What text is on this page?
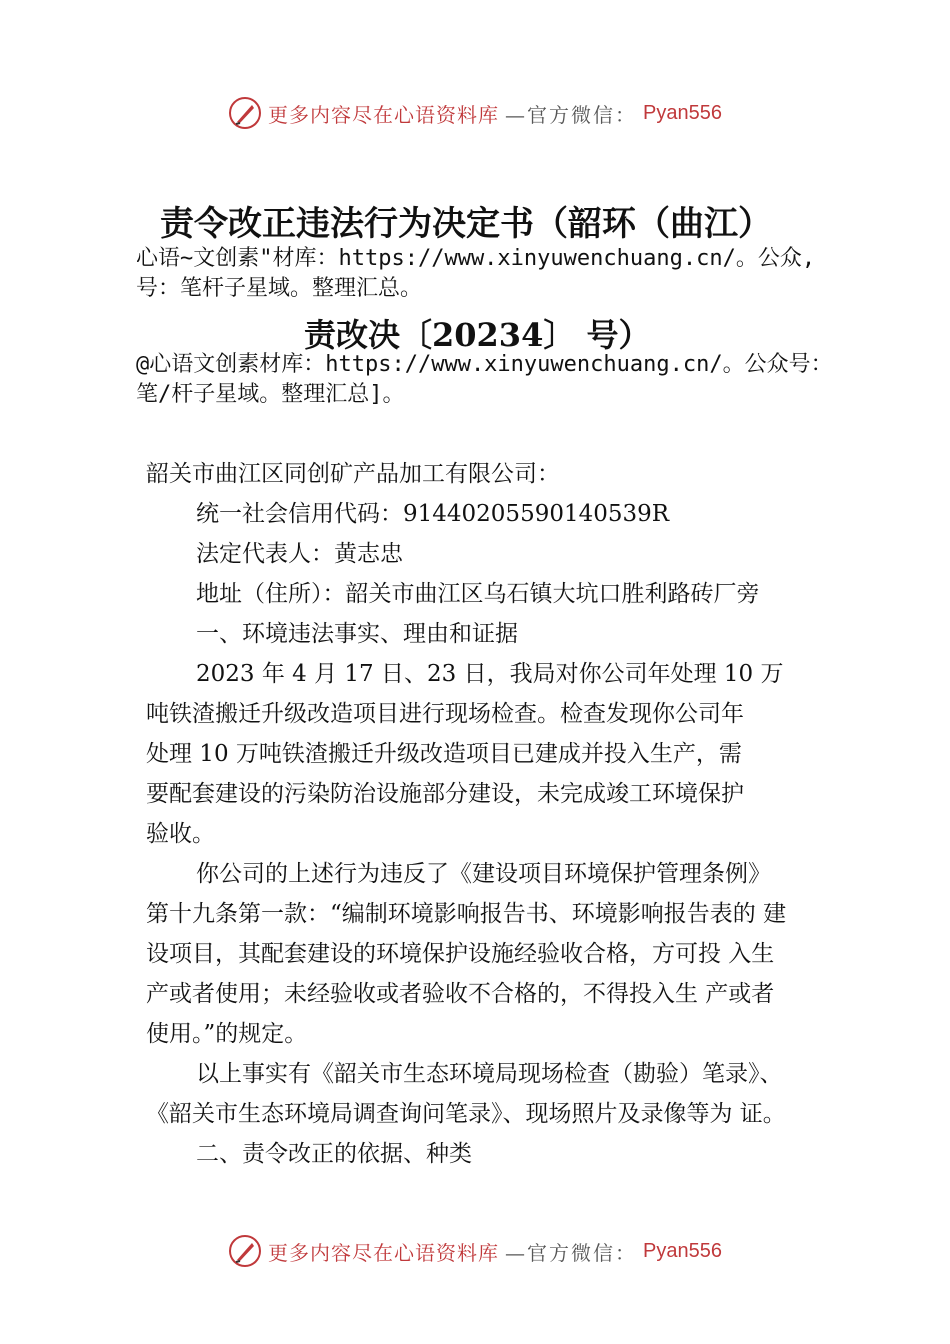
更多内容尽在心语资料库 —官方微信： Pyan556
责令改正违法行为决定书（韶环（曲江）
心语~文创素"材库：https://www.xinyuwenchuang.cn/。公众,号：笔杆子星域。整理汇总。
责改决〔20234〕 号）
@心语文创素材库：https://www.xinyuwenchuang.cn/。公众号：笔/杆子星域。整理汇总]。
韶关市曲江区同创矿产品加工有限公司：
统一社会信用代码：91440205590140539R
法定代表人：黄志忠
地址（住所）：韶关市曲江区乌石镇大坑口胜利路砖厂旁
一、环境违法事实、理由和证据
2023 年 4 月 17 日、23 日，我局对你公司年处理 10 万
吨铁渣搬迁升级改造项目进行现场检查。检查发现你公司年
处理 10 万吨铁渣搬迁升级改造项目已建成并投入生产，需
要配套建设的污染防治设施部分建设，未完成竣工环境保护
验收。
你公司的上述行为违反了《建设项目环境保护管理条例》
第十九条第一款：“编制环境影响报告书、环境影响报告表的 建
设项目，其配套建设的环境保护设施经验收合格，方可投 入生
产或者使用；未经验收或者验收不合格的，不得投入生 产或者
使用。”的规定。
以上事实有《韶关市生态环境局现场检查（勘验）笔录》、
《韶关市生态环境局调查询问笔录》、现场照片及录像等为 证。
二、责令改正的依据、种类
更多内容尽在心语资料库 —官方微信： Pyan556
